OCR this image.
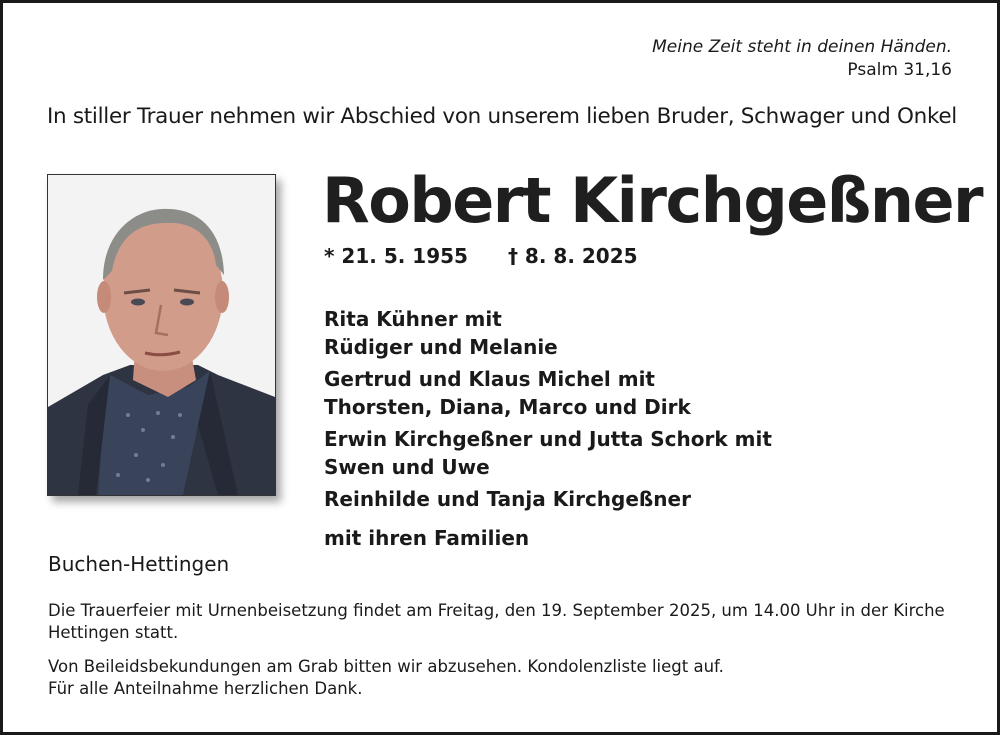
Meine Zeit steht in deinen Händen.
Psalm 31,16
In stiller Trauer nehmen wir Abschied von unserem lieben Bruder, Schwager und Onkel
Robert Kirchgeßner
* 21. 5. 1955 † 8. 8. 2025
Rita Kühner mit
Rüdiger und Melanie
Gertrud und Klaus Michel mit
Thorsten, Diana, Marco und Dirk
Erwin Kirchgeßner und Jutta Schork mit
Swen und Uwe
Reinhilde und Tanja Kirchgeßner
mit ihren Familien
Buchen-Hettingen
Die Trauerfeier mit Urnenbeisetzung findet am Freitag, den 19. September 2025, um 14.00 Uhr in der Kirche Hettingen statt.
Von Beileidsbekundungen am Grab bitten wir abzusehen. Kondolenzliste liegt auf.
Für alle Anteilnahme herzlichen Dank.
